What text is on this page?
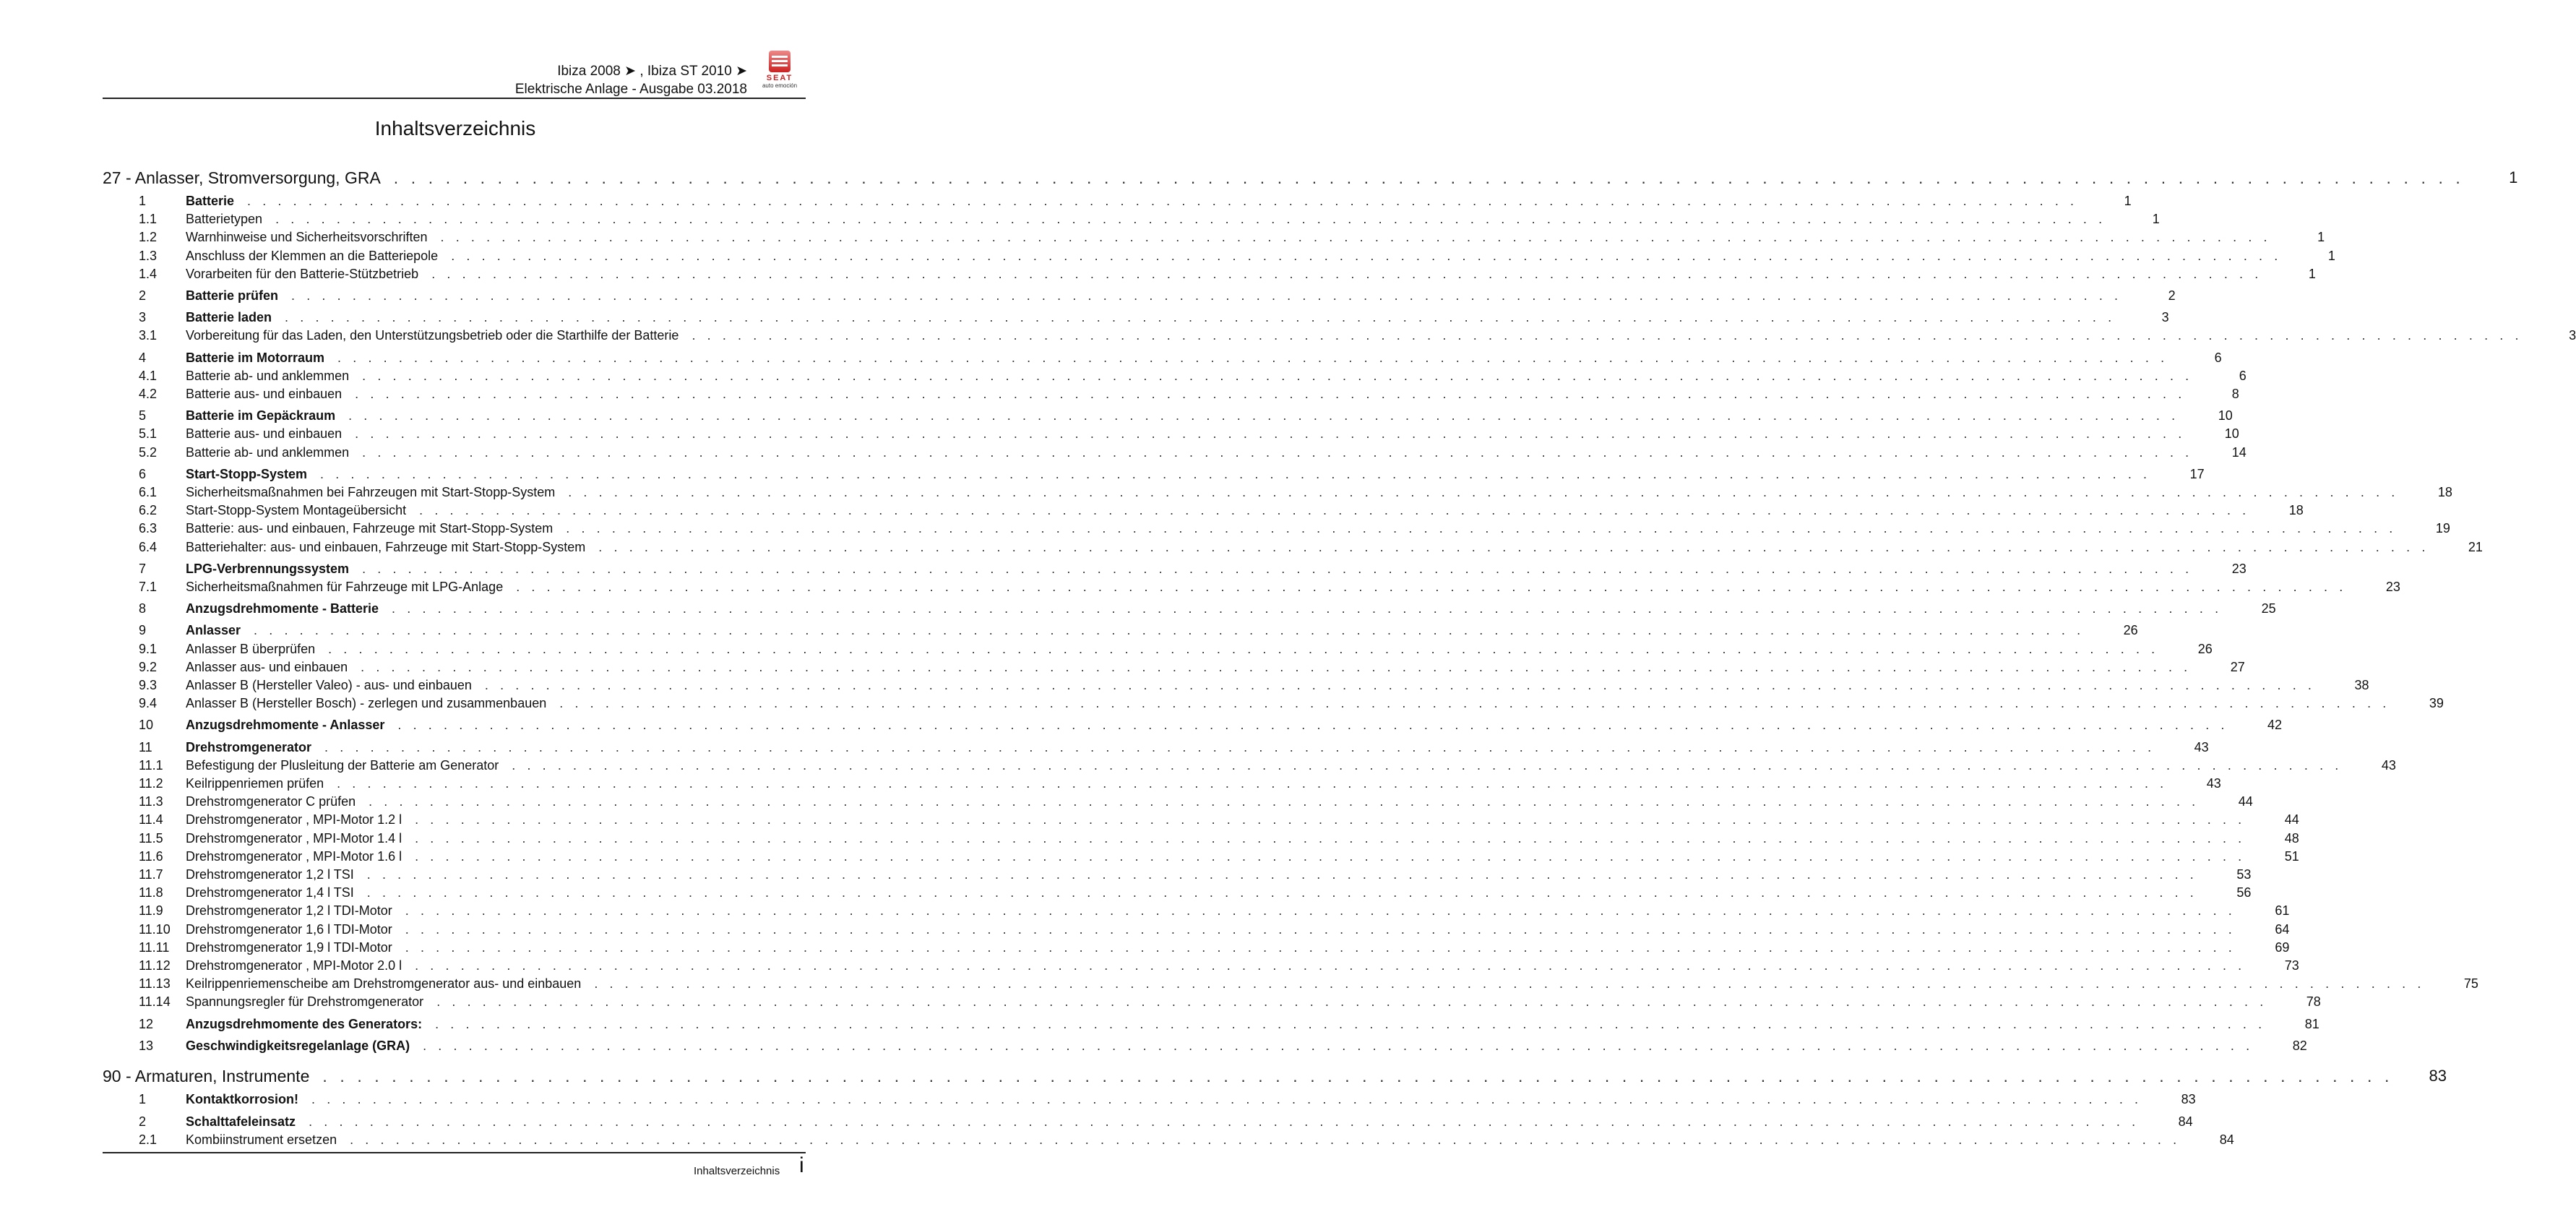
Ibiza 2008 ➤ , Ibiza ST 2010 ➤
Elektrische Anlage - Ausgabe 03.2018
SEAT
auto emoción
Inhaltsverzeichnis
27 - Anlasser, Stromversorgung, GRA . . . . . . . . . . . . . . . . . . . . . . . . . . . . . . . . . . . . . . . . . . . . . . . . . . . . . . . . . . . . . . . . . . . . . . . . . . . . . . . . . . . . . . . . . . . . . . . . . . . . . . . . . . . . . . . . . . . . . . . .	1
1	Batterie . . . . . . . . . . . . . . . . . . . . . . . . . . . . . . . . . . . . . . . . . . . . . . . . . . . . . . . . . . . . . . . . . . . . . . . . . . . . . . . . . . . . . . . . . . . . . . . . . . . . . . . . . . . . . . . . . . . . . . . .	1
1.1	Batterietypen . . . . . . . . . . . . . . . . . . . . . . . . . . . . . . . . . . . . . . . . . . . . . . . . . . . . . . . . . . . . . . . . . . . . . . . . . . . . . . . . . . . . . . . . . . . . . . . . . . . . . . . . . . . . . . . . . . . . . . . .	1
1.2	Warnhinweise und Sicherheitsvorschriften . . . . . . . . . . . . . . . . . . . . . . . . . . . . . . . . . . . . . . . . . . . . . . . . . . . . . . . . . . . . . . . . . . . . . . . . . . . . . . . . . . . . . . . . . . . . . . . . . . . . . . . . . . . . . . . . . . . . . . . .	1
1.3	Anschluss der Klemmen an die Batteriepole . . . . . . . . . . . . . . . . . . . . . . . . . . . . . . . . . . . . . . . . . . . . . . . . . . . . . . . . . . . . . . . . . . . . . . . . . . . . . . . . . . . . . . . . . . . . . . . . . . . . . . . . . . . . . . . . . . . . . . . .	1
1.4	Vorarbeiten für den Batterie-Stützbetrieb . . . . . . . . . . . . . . . . . . . . . . . . . . . . . . . . . . . . . . . . . . . . . . . . . . . . . . . . . . . . . . . . . . . . . . . . . . . . . . . . . . . . . . . . . . . . . . . . . . . . . . . . . . . . . . . . . . . . . . . .	1
2	Batterie prüfen . . . . . . . . . . . . . . . . . . . . . . . . . . . . . . . . . . . . . . . . . . . . . . . . . . . . . . . . . . . . . . . . . . . . . . . . . . . . . . . . . . . . . . . . . . . . . . . . . . . . . . . . . . . . . . . . . . . . . . . .	2
3	Batterie laden . . . . . . . . . . . . . . . . . . . . . . . . . . . . . . . . . . . . . . . . . . . . . . . . . . . . . . . . . . . . . . . . . . . . . . . . . . . . . . . . . . . . . . . . . . . . . . . . . . . . . . . . . . . . . . . . . . . . . . . .	3
3.1	Vorbereitung für das Laden, den Unterstützungsbetrieb oder die Starthilfe der Batterie . . . . . . . . . . . . . . . . . . . . . . . . . . . . . . . . . . . . . . . . . . . . . . . . . . . . . . . . . . . . . . . . . . . . . . . . . . . . . . . . . . . . . . . . . . . . . . . . . . . . . . . . . . . . . . . . . . . . . . . .	3
4	Batterie im Motorraum . . . . . . . . . . . . . . . . . . . . . . . . . . . . . . . . . . . . . . . . . . . . . . . . . . . . . . . . . . . . . . . . . . . . . . . . . . . . . . . . . . . . . . . . . . . . . . . . . . . . . . . . . . . . . . . . . . . . . . . .	6
4.1	Batterie ab- und anklemmen . . . . . . . . . . . . . . . . . . . . . . . . . . . . . . . . . . . . . . . . . . . . . . . . . . . . . . . . . . . . . . . . . . . . . . . . . . . . . . . . . . . . . . . . . . . . . . . . . . . . . . . . . . . . . . . . . . . . . . . .	6
4.2	Batterie aus- und einbauen . . . . . . . . . . . . . . . . . . . . . . . . . . . . . . . . . . . . . . . . . . . . . . . . . . . . . . . . . . . . . . . . . . . . . . . . . . . . . . . . . . . . . . . . . . . . . . . . . . . . . . . . . . . . . . . . . . . . . . . .	8
5	Batterie im Gepäckraum . . . . . . . . . . . . . . . . . . . . . . . . . . . . . . . . . . . . . . . . . . . . . . . . . . . . . . . . . . . . . . . . . . . . . . . . . . . . . . . . . . . . . . . . . . . . . . . . . . . . . . . . . . . . . . . . . . . . . . . .	10
5.1	Batterie aus- und einbauen . . . . . . . . . . . . . . . . . . . . . . . . . . . . . . . . . . . . . . . . . . . . . . . . . . . . . . . . . . . . . . . . . . . . . . . . . . . . . . . . . . . . . . . . . . . . . . . . . . . . . . . . . . . . . . . . . . . . . . . .	10
5.2	Batterie ab- und anklemmen . . . . . . . . . . . . . . . . . . . . . . . . . . . . . . . . . . . . . . . . . . . . . . . . . . . . . . . . . . . . . . . . . . . . . . . . . . . . . . . . . . . . . . . . . . . . . . . . . . . . . . . . . . . . . . . . . . . . . . . .	14
6	Start-Stopp-System . . . . . . . . . . . . . . . . . . . . . . . . . . . . . . . . . . . . . . . . . . . . . . . . . . . . . . . . . . . . . . . . . . . . . . . . . . . . . . . . . . . . . . . . . . . . . . . . . . . . . . . . . . . . . . . . . . . . . . . .	17
6.1	Sicherheitsmaßnahmen bei Fahrzeugen mit Start-Stopp-System . . . . . . . . . . . . . . . . . . . . . . . . . . . . . . . . . . . . . . . . . . . . . . . . . . . . . . . . . . . . . . . . . . . . . . . . . . . . . . . . . . . . . . . . . . . . . . . . . . . . . . . . . . . . . . . . . . . . . . . .	18
6.2	Start-Stopp-System Montageübersicht . . . . . . . . . . . . . . . . . . . . . . . . . . . . . . . . . . . . . . . . . . . . . . . . . . . . . . . . . . . . . . . . . . . . . . . . . . . . . . . . . . . . . . . . . . . . . . . . . . . . . . . . . . . . . . . . . . . . . . . .	18
6.3	Batterie: aus- und einbauen, Fahrzeuge mit Start-Stopp-System . . . . . . . . . . . . . . . . . . . . . . . . . . . . . . . . . . . . . . . . . . . . . . . . . . . . . . . . . . . . . . . . . . . . . . . . . . . . . . . . . . . . . . . . . . . . . . . . . . . . . . . . . . . . . . . . . . . . . . . .	19
6.4	Batteriehalter: aus- und einbauen, Fahrzeuge mit Start-Stopp-System . . . . . . . . . . . . . . . . . . . . . . . . . . . . . . . . . . . . . . . . . . . . . . . . . . . . . . . . . . . . . . . . . . . . . . . . . . . . . . . . . . . . . . . . . . . . . . . . . . . . . . . . . . . . . . . . . . . . . . . .	21
7	LPG-Verbrennungssystem . . . . . . . . . . . . . . . . . . . . . . . . . . . . . . . . . . . . . . . . . . . . . . . . . . . . . . . . . . . . . . . . . . . . . . . . . . . . . . . . . . . . . . . . . . . . . . . . . . . . . . . . . . . . . . . . . . . . . . . .	23
7.1	Sicherheitsmaßnahmen für Fahrzeuge mit LPG-Anlage . . . . . . . . . . . . . . . . . . . . . . . . . . . . . . . . . . . . . . . . . . . . . . . . . . . . . . . . . . . . . . . . . . . . . . . . . . . . . . . . . . . . . . . . . . . . . . . . . . . . . . . . . . . . . . . . . . . . . . . .	23
8	Anzugsdrehmomente - Batterie . . . . . . . . . . . . . . . . . . . . . . . . . . . . . . . . . . . . . . . . . . . . . . . . . . . . . . . . . . . . . . . . . . . . . . . . . . . . . . . . . . . . . . . . . . . . . . . . . . . . . . . . . . . . . . . . . . . . . . . .	25
9	Anlasser . . . . . . . . . . . . . . . . . . . . . . . . . . . . . . . . . . . . . . . . . . . . . . . . . . . . . . . . . . . . . . . . . . . . . . . . . . . . . . . . . . . . . . . . . . . . . . . . . . . . . . . . . . . . . . . . . . . . . . . .	26
9.1	Anlasser B überprüfen . . . . . . . . . . . . . . . . . . . . . . . . . . . . . . . . . . . . . . . . . . . . . . . . . . . . . . . . . . . . . . . . . . . . . . . . . . . . . . . . . . . . . . . . . . . . . . . . . . . . . . . . . . . . . . . . . . . . . . . .	26
9.2	Anlasser aus- und einbauen . . . . . . . . . . . . . . . . . . . . . . . . . . . . . . . . . . . . . . . . . . . . . . . . . . . . . . . . . . . . . . . . . . . . . . . . . . . . . . . . . . . . . . . . . . . . . . . . . . . . . . . . . . . . . . . . . . . . . . . .	27
9.3	Anlasser B (Hersteller Valeo) - aus- und einbauen . . . . . . . . . . . . . . . . . . . . . . . . . . . . . . . . . . . . . . . . . . . . . . . . . . . . . . . . . . . . . . . . . . . . . . . . . . . . . . . . . . . . . . . . . . . . . . . . . . . . . . . . . . . . . . . . . . . . . . . .	38
9.4	Anlasser B (Hersteller Bosch) - zerlegen und zusammenbauen . . . . . . . . . . . . . . . . . . . . . . . . . . . . . . . . . . . . . . . . . . . . . . . . . . . . . . . . . . . . . . . . . . . . . . . . . . . . . . . . . . . . . . . . . . . . . . . . . . . . . . . . . . . . . . . . . . . . . . . .	39
10	Anzugsdrehmomente - Anlasser . . . . . . . . . . . . . . . . . . . . . . . . . . . . . . . . . . . . . . . . . . . . . . . . . . . . . . . . . . . . . . . . . . . . . . . . . . . . . . . . . . . . . . . . . . . . . . . . . . . . . . . . . . . . . . . . . . . . . . . .	42
11	Drehstromgenerator . . . . . . . . . . . . . . . . . . . . . . . . . . . . . . . . . . . . . . . . . . . . . . . . . . . . . . . . . . . . . . . . . . . . . . . . . . . . . . . . . . . . . . . . . . . . . . . . . . . . . . . . . . . . . . . . . . . . . . . .	43
11.1	Befestigung der Plusleitung der Batterie am Generator . . . . . . . . . . . . . . . . . . . . . . . . . . . . . . . . . . . . . . . . . . . . . . . . . . . . . . . . . . . . . . . . . . . . . . . . . . . . . . . . . . . . . . . . . . . . . . . . . . . . . . . . . . . . . . . . . . . . . . . .	43
11.2	Keilrippenriemen prüfen . . . . . . . . . . . . . . . . . . . . . . . . . . . . . . . . . . . . . . . . . . . . . . . . . . . . . . . . . . . . . . . . . . . . . . . . . . . . . . . . . . . . . . . . . . . . . . . . . . . . . . . . . . . . . . . . . . . . . . . .	43
11.3	Drehstromgenerator C prüfen . . . . . . . . . . . . . . . . . . . . . . . . . . . . . . . . . . . . . . . . . . . . . . . . . . . . . . . . . . . . . . . . . . . . . . . . . . . . . . . . . . . . . . . . . . . . . . . . . . . . . . . . . . . . . . . . . . . . . . . .	44
11.4	Drehstromgenerator , MPI-Motor 1.2 l . . . . . . . . . . . . . . . . . . . . . . . . . . . . . . . . . . . . . . . . . . . . . . . . . . . . . . . . . . . . . . . . . . . . . . . . . . . . . . . . . . . . . . . . . . . . . . . . . . . . . . . . . . . . . . . . . . . . . . . .	44
11.5	Drehstromgenerator , MPI-Motor 1.4 l . . . . . . . . . . . . . . . . . . . . . . . . . . . . . . . . . . . . . . . . . . . . . . . . . . . . . . . . . . . . . . . . . . . . . . . . . . . . . . . . . . . . . . . . . . . . . . . . . . . . . . . . . . . . . . . . . . . . . . . .	48
11.6	Drehstromgenerator , MPI-Motor 1.6 l . . . . . . . . . . . . . . . . . . . . . . . . . . . . . . . . . . . . . . . . . . . . . . . . . . . . . . . . . . . . . . . . . . . . . . . . . . . . . . . . . . . . . . . . . . . . . . . . . . . . . . . . . . . . . . . . . . . . . . . .	51
11.7	Drehstromgenerator 1,2 l TSI . . . . . . . . . . . . . . . . . . . . . . . . . . . . . . . . . . . . . . . . . . . . . . . . . . . . . . . . . . . . . . . . . . . . . . . . . . . . . . . . . . . . . . . . . . . . . . . . . . . . . . . . . . . . . . . . . . . . . . . .	53
11.8	Drehstromgenerator 1,4 l TSI . . . . . . . . . . . . . . . . . . . . . . . . . . . . . . . . . . . . . . . . . . . . . . . . . . . . . . . . . . . . . . . . . . . . . . . . . . . . . . . . . . . . . . . . . . . . . . . . . . . . . . . . . . . . . . . . . . . . . . . .	56
11.9	Drehstromgenerator 1,2 l TDI-Motor . . . . . . . . . . . . . . . . . . . . . . . . . . . . . . . . . . . . . . . . . . . . . . . . . . . . . . . . . . . . . . . . . . . . . . . . . . . . . . . . . . . . . . . . . . . . . . . . . . . . . . . . . . . . . . . . . . . . . . . .	61
11.10	Drehstromgenerator 1,6 l TDI-Motor . . . . . . . . . . . . . . . . . . . . . . . . . . . . . . . . . . . . . . . . . . . . . . . . . . . . . . . . . . . . . . . . . . . . . . . . . . . . . . . . . . . . . . . . . . . . . . . . . . . . . . . . . . . . . . . . . . . . . . . .	64
11.11	Drehstromgenerator 1,9 l TDI-Motor . . . . . . . . . . . . . . . . . . . . . . . . . . . . . . . . . . . . . . . . . . . . . . . . . . . . . . . . . . . . . . . . . . . . . . . . . . . . . . . . . . . . . . . . . . . . . . . . . . . . . . . . . . . . . . . . . . . . . . . .	69
11.12	Drehstromgenerator , MPI-Motor 2.0 l . . . . . . . . . . . . . . . . . . . . . . . . . . . . . . . . . . . . . . . . . . . . . . . . . . . . . . . . . . . . . . . . . . . . . . . . . . . . . . . . . . . . . . . . . . . . . . . . . . . . . . . . . . . . . . . . . . . . . . . .	73
11.13	Keilrippenriemenscheibe am Drehstromgenerator aus- und einbauen . . . . . . . . . . . . . . . . . . . . . . . . . . . . . . . . . . . . . . . . . . . . . . . . . . . . . . . . . . . . . . . . . . . . . . . . . . . . . . . . . . . . . . . . . . . . . . . . . . . . . . . . . . . . . . . . . . . . . . . .	75
11.14	Spannungsregler für Drehstromgenerator . . . . . . . . . . . . . . . . . . . . . . . . . . . . . . . . . . . . . . . . . . . . . . . . . . . . . . . . . . . . . . . . . . . . . . . . . . . . . . . . . . . . . . . . . . . . . . . . . . . . . . . . . . . . . . . . . . . . . . . .	78
12	Anzugsdrehmomente des Generators: . . . . . . . . . . . . . . . . . . . . . . . . . . . . . . . . . . . . . . . . . . . . . . . . . . . . . . . . . . . . . . . . . . . . . . . . . . . . . . . . . . . . . . . . . . . . . . . . . . . . . . . . . . . . . . . . . . . . . . . .	81
13	Geschwindigkeitsregelanlage (GRA) . . . . . . . . . . . . . . . . . . . . . . . . . . . . . . . . . . . . . . . . . . . . . . . . . . . . . . . . . . . . . . . . . . . . . . . . . . . . . . . . . . . . . . . . . . . . . . . . . . . . . . . . . . . . . . . . . . . . . . . .	82
90 - Armaturen, Instrumente . . . . . . . . . . . . . . . . . . . . . . . . . . . . . . . . . . . . . . . . . . . . . . . . . . . . . . . . . . . . . . . . . . . . . . . . . . . . . . . . . . . . . . . . . . . . . . . . . . . . . . . . . . . . . . . . . . . . . . . . 83
1	Kontaktkorrosion! . . . . . . . . . . . . . . . . . . . . . . . . . . . . . . . . . . . . . . . . . . . . . . . . . . . . . . . . . . . . . . . . . . . . . . . . . . . . . . . . . . . . . . . . . . . . . . . . . . . . . . . . . . . . . . . . . . . . . . . .	83
2	Schalttafeleinsatz . . . . . . . . . . . . . . . . . . . . . . . . . . . . . . . . . . . . . . . . . . . . . . . . . . . . . . . . . . . . . . . . . . . . . . . . . . . . . . . . . . . . . . . . . . . . . . . . . . . . . . . . . . . . . . . . . . . . . . . .	84
2.1	Kombiinstrument ersetzen . . . . . . . . . . . . . . . . . . . . . . . . . . . . . . . . . . . . . . . . . . . . . . . . . . . . . . . . . . . . . . . . . . . . . . . . . . . . . . . . . . . . . . . . . . . . . . . . . . . . . . . . . . . . . . . . . . . . . . . .	84
Inhaltsverzeichnis i
